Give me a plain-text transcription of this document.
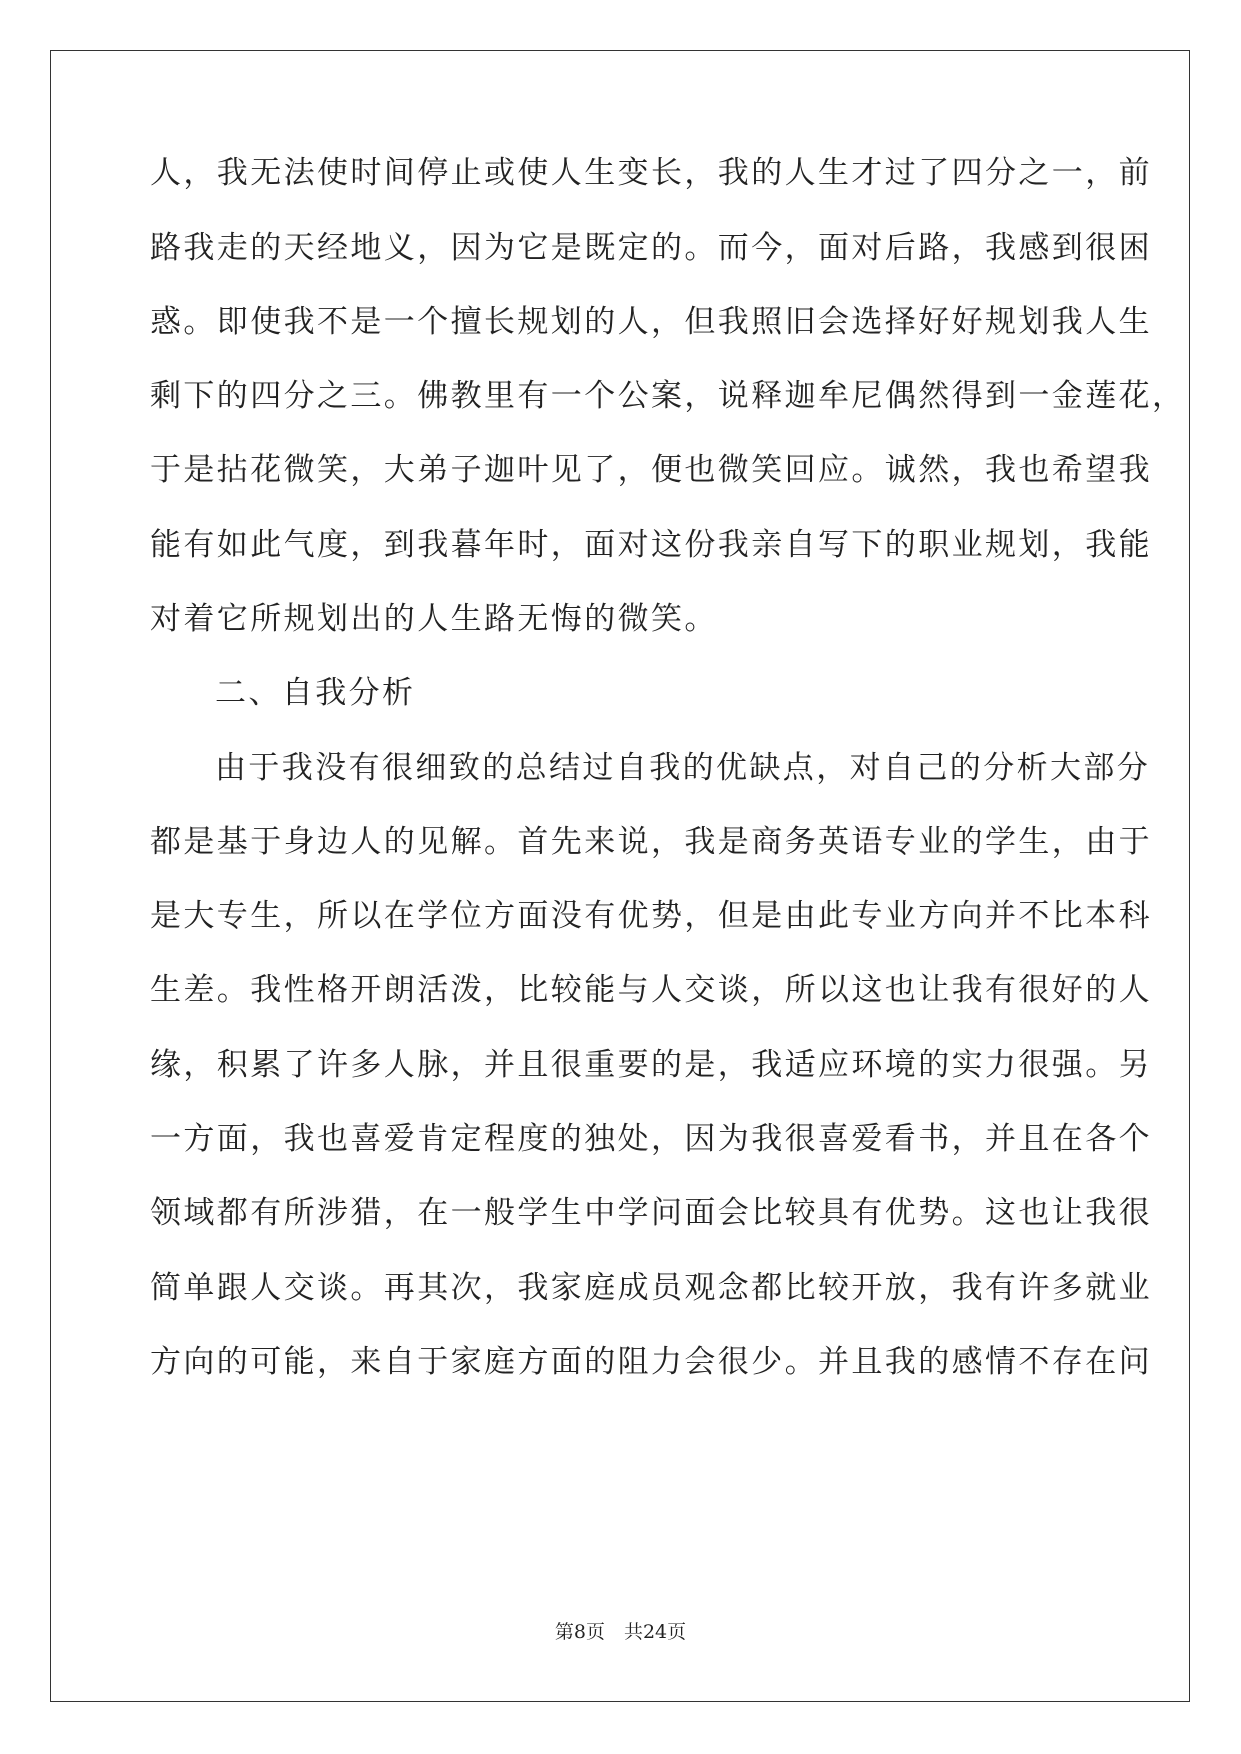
人，我无法使时间停止或使人生变长，我的人生才过了四分之一，前
路我走的天经地义，因为它是既定的。而今，面对后路，我感到很困
惑。即使我不是一个擅长规划的人，但我照旧会选择好好规划我人生
剩下的四分之三。佛教里有一个公案，说释迦牟尼偶然得到一金莲花，
于是拈花微笑，大弟子迦叶见了，便也微笑回应。诚然，我也希望我
能有如此气度，到我暮年时，面对这份我亲自写下的职业规划，我能
对着它所规划出的人生路无悔的微笑。
二、自我分析
由于我没有很细致的总结过自我的优缺点，对自己的分析大部分
都是基于身边人的见解。首先来说，我是商务英语专业的学生，由于
是大专生，所以在学位方面没有优势，但是由此专业方向并不比本科
生差。我性格开朗活泼，比较能与人交谈，所以这也让我有很好的人
缘，积累了许多人脉，并且很重要的是，我适应环境的实力很强。另
一方面，我也喜爱肯定程度的独处，因为我很喜爱看书，并且在各个
领域都有所涉猎，在一般学生中学问面会比较具有优势。这也让我很
简单跟人交谈。再其次，我家庭成员观念都比较开放，我有许多就业
方向的可能，来自于家庭方面的阻力会很少。并且我的感情不存在问
第8页　共24页
